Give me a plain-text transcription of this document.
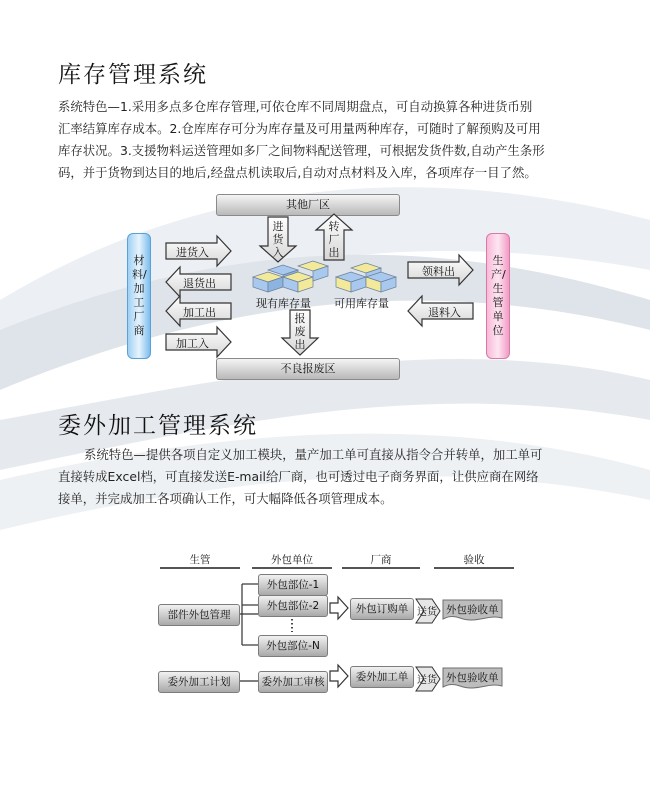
库存管理系统

系统特色—1.采用多点多仓库存管理,可依仓库不同周期盘点，可自动换算各种进货币别

汇率结算库存成本。2.仓库库存可分为库存量及可用量两种库存，可随时了解预购及可用

库存状况。3.支援物料运送管理如多厂之间物料配送管理，可根据发货件数,自动产生条形

码，并于货物到达目的地后,经盘点机读取后,自动对点材料及入库，各项库存一目了然。

其他厂区
不良报废区
材料/加工厂商
生产/生管单位
进货入
退货出
加工出
加工入
领料出
退料入
进货入
转厂出
报废出
现有库存量 可用库存量
委外加工管理系统

系统特色—提供各项自定义加工模块，量产加工单可直接从指令合并转单，加工单可

直接转成Excel档，可直接发送E-mail给厂商，也可透过电子商务界面，让供应商在网络

接单，并完成加工各项确认工作，可大幅降低各项管理成本。

生管	外包单位	厂商	验收
部件外包管理
外包部位-1
外包部位-2
外包部位-N
外包订购单 送货 外包验收单
委外加工计划	委外加工审核	委外加工单 送货 外包验收单
